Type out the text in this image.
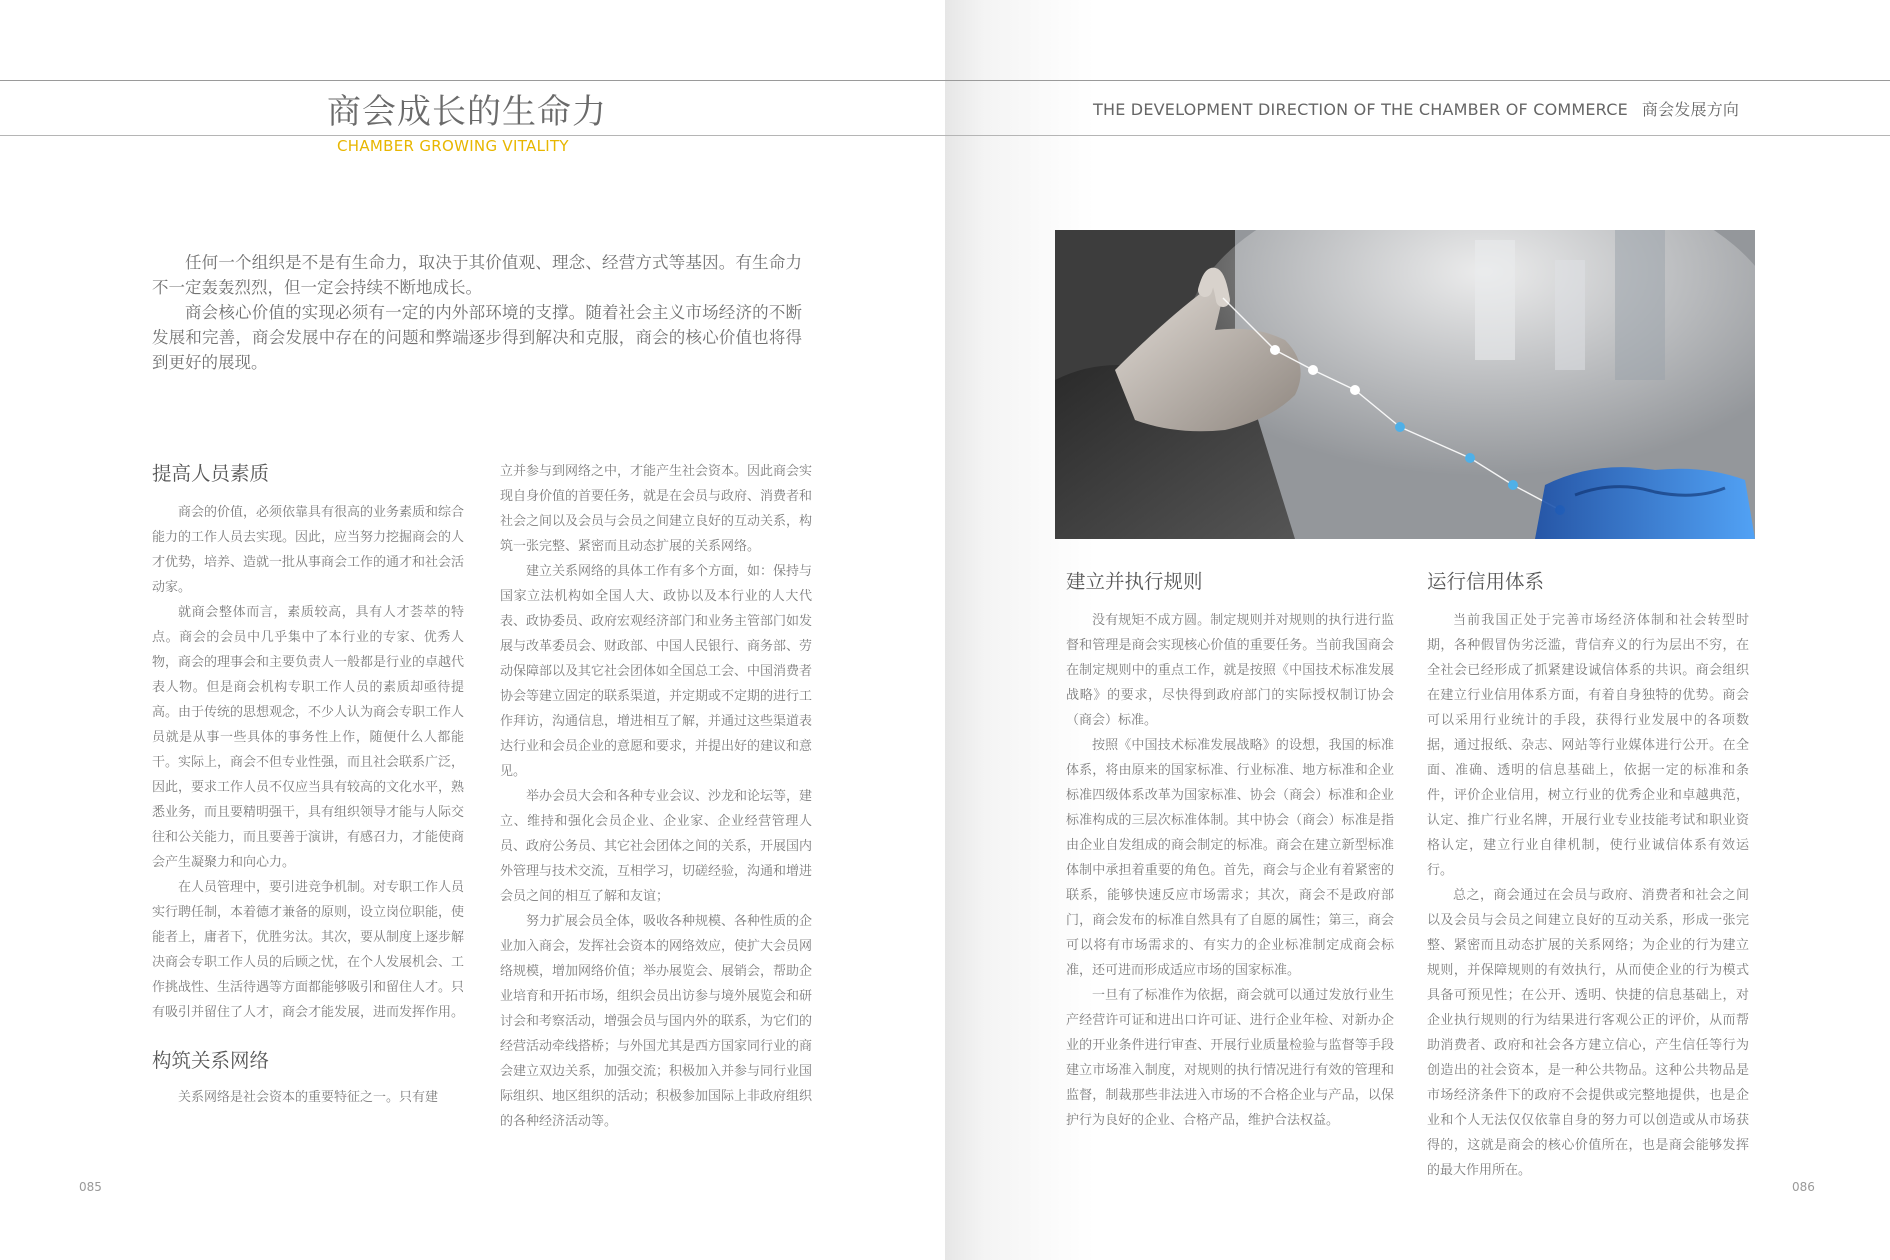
商会成长的生命力
CHAMBER GROWING VITALITY
THE DEVELOPMENT DIRECTION OF THE CHAMBER OF COMMERCE 商会发展方向

任何一个组织是不是有生命力，取决于其价值观、理念、经营方式等基因。有生命力不一定轰轰烈烈，但一定会持续不断地成长。

商会核心价值的实现必须有一定的内外部环境的支撑。随着社会主义市场经济的不断发展和完善，商会发展中存在的问题和弊端逐步得到解决和克服，商会的核心价值也将得到更好的展现。

提高人员素质

商会的价值，必须依靠具有很高的业务素质和综合能力的工作人员去实现。因此，应当努力挖掘商会的人才优势，培养、造就一批从事商会工作的通才和社会活动家。

就商会整体而言，素质较高，具有人才荟萃的特点。商会的会员中几乎集中了本行业的专家、优秀人物，商会的理事会和主要负责人一般都是行业的卓越代表人物。但是商会机构专职工作人员的素质却亟待提高。由于传统的思想观念，不少人认为商会专职工作人员就是从事一些具体的事务性上作，随便什么人都能干。实际上，商会不但专业性强，而且社会联系广泛，因此，要求工作人员不仅应当具有较高的文化水平，熟悉业务，而且要精明强干，具有组织领导才能与人际交往和公关能力，而且要善于演讲，有感召力，才能使商会产生凝聚力和向心力。

在人员管理中，要引进竞争机制。对专职工作人员实行聘任制，本着德才兼备的原则，设立岗位职能，使能者上，庸者下，优胜劣汰。其次，要从制度上逐步解决商会专职工作人员的后顾之忧，在个人发展机会、工作挑战性、生活待遇等方面都能够吸引和留住人才。只有吸引并留住了人才，商会才能发展，进而发挥作用。

构筑关系网络

关系网络是社会资本的重要特征之一。只有建

立并参与到网络之中，才能产生社会资本。因此商会实现自身价值的首要任务，就是在会员与政府、消费者和社会之间以及会员与会员之间建立良好的互动关系，构筑一张完整、紧密而且动态扩展的关系网络。

建立关系网络的具体工作有多个方面，如：保持与国家立法机构如全国人大、政协以及本行业的人大代表、政协委员、政府宏观经济部门和业务主管部门如发展与改革委员会、财政部、中国人民银行、商务部、劳动保障部以及其它社会团体如全国总工会、中国消费者协会等建立固定的联系渠道，并定期或不定期的进行工作拜访，沟通信息，增进相互了解，并通过这些渠道表达行业和会员企业的意愿和要求，并提出好的建议和意见。

举办会员大会和各种专业会议、沙龙和论坛等，建立、维持和强化会员企业、企业家、企业经营管理人员、政府公务员、其它社会团体之间的关系，开展国内外管理与技术交流，互相学习，切磋经验，沟通和增进会员之间的相互了解和友谊；

努力扩展会员全体，吸收各种规模、各种性质的企业加入商会，发挥社会资本的网络效应，使扩大会员网络规模，增加网络价值；举办展览会、展销会，帮助企业培育和开拓市场，组织会员出访参与境外展览会和研讨会和考察活动，增强会员与国内外的联系，为它们的经营活动牵线搭桥；与外国尤其是西方国家同行业的商会建立双边关系，加强交流；积极加入并参与同行业国际组织、地区组织的活动；积极参加国际上非政府组织的各种经济活动等。

建立并执行规则

没有规矩不成方圆。制定规则并对规则的执行进行监督和管理是商会实现核心价值的重要任务。当前我国商会在制定规则中的重点工作，就是按照《中国技术标准发展战略》的要求，尽快得到政府部门的实际授权制订协会（商会）标准。

按照《中国技术标准发展战略》的设想，我国的标准体系，将由原来的国家标准、行业标准、地方标准和企业标准四级体系改革为国家标准、协会（商会）标准和企业标准构成的三层次标准体制。其中协会（商会）标准是指由企业自发组成的商会制定的标准。商会在建立新型标准体制中承担着重要的角色。首先，商会与企业有着紧密的联系，能够快速反应市场需求；其次，商会不是政府部门，商会发布的标准自然具有了自愿的属性；第三，商会可以将有市场需求的、有实力的企业标准制定成商会标准，还可进而形成适应市场的国家标准。

一旦有了标准作为依据，商会就可以通过发放行业生产经营许可证和进出口许可证、进行企业年检、对新办企业的开业条件进行审查、开展行业质量检验与监督等手段建立市场准入制度，对规则的执行情况进行有效的管理和监督，制裁那些非法进入市场的不合格企业与产品，以保护行为良好的企业、合格产品，维护合法权益。

运行信用体系

当前我国正处于完善市场经济体制和社会转型时期，各种假冒伪劣泛滥，背信弃义的行为层出不穷，在全社会已经形成了抓紧建设诚信体系的共识。商会组织在建立行业信用体系方面，有着自身独特的优势。商会可以采用行业统计的手段，获得行业发展中的各项数据，通过报纸、杂志、网站等行业媒体进行公开。在全面、准确、透明的信息基础上，依据一定的标准和条件，评价企业信用，树立行业的优秀企业和卓越典范，认定、推广行业名牌，开展行业专业技能考试和职业资格认定，建立行业自律机制，使行业诚信体系有效运行。

总之，商会通过在会员与政府、消费者和社会之间以及会员与会员之间建立良好的互动关系，形成一张完整、紧密而且动态扩展的关系网络；为企业的行为建立规则，并保障规则的有效执行，从而使企业的行为模式具备可预见性；在公开、透明、快捷的信息基础上，对企业执行规则的行为结果进行客观公正的评价，从而帮助消费者、政府和社会各方建立信心，产生信任等行为创造出的社会资本，是一种公共物品。这种公共物品是市场经济条件下的政府不会提供或完整地提供，也是企业和个人无法仅仅依靠自身的努力可以创造或从市场获得的，这就是商会的核心价值所在，也是商会能够发挥的最大作用所在。

085	086
